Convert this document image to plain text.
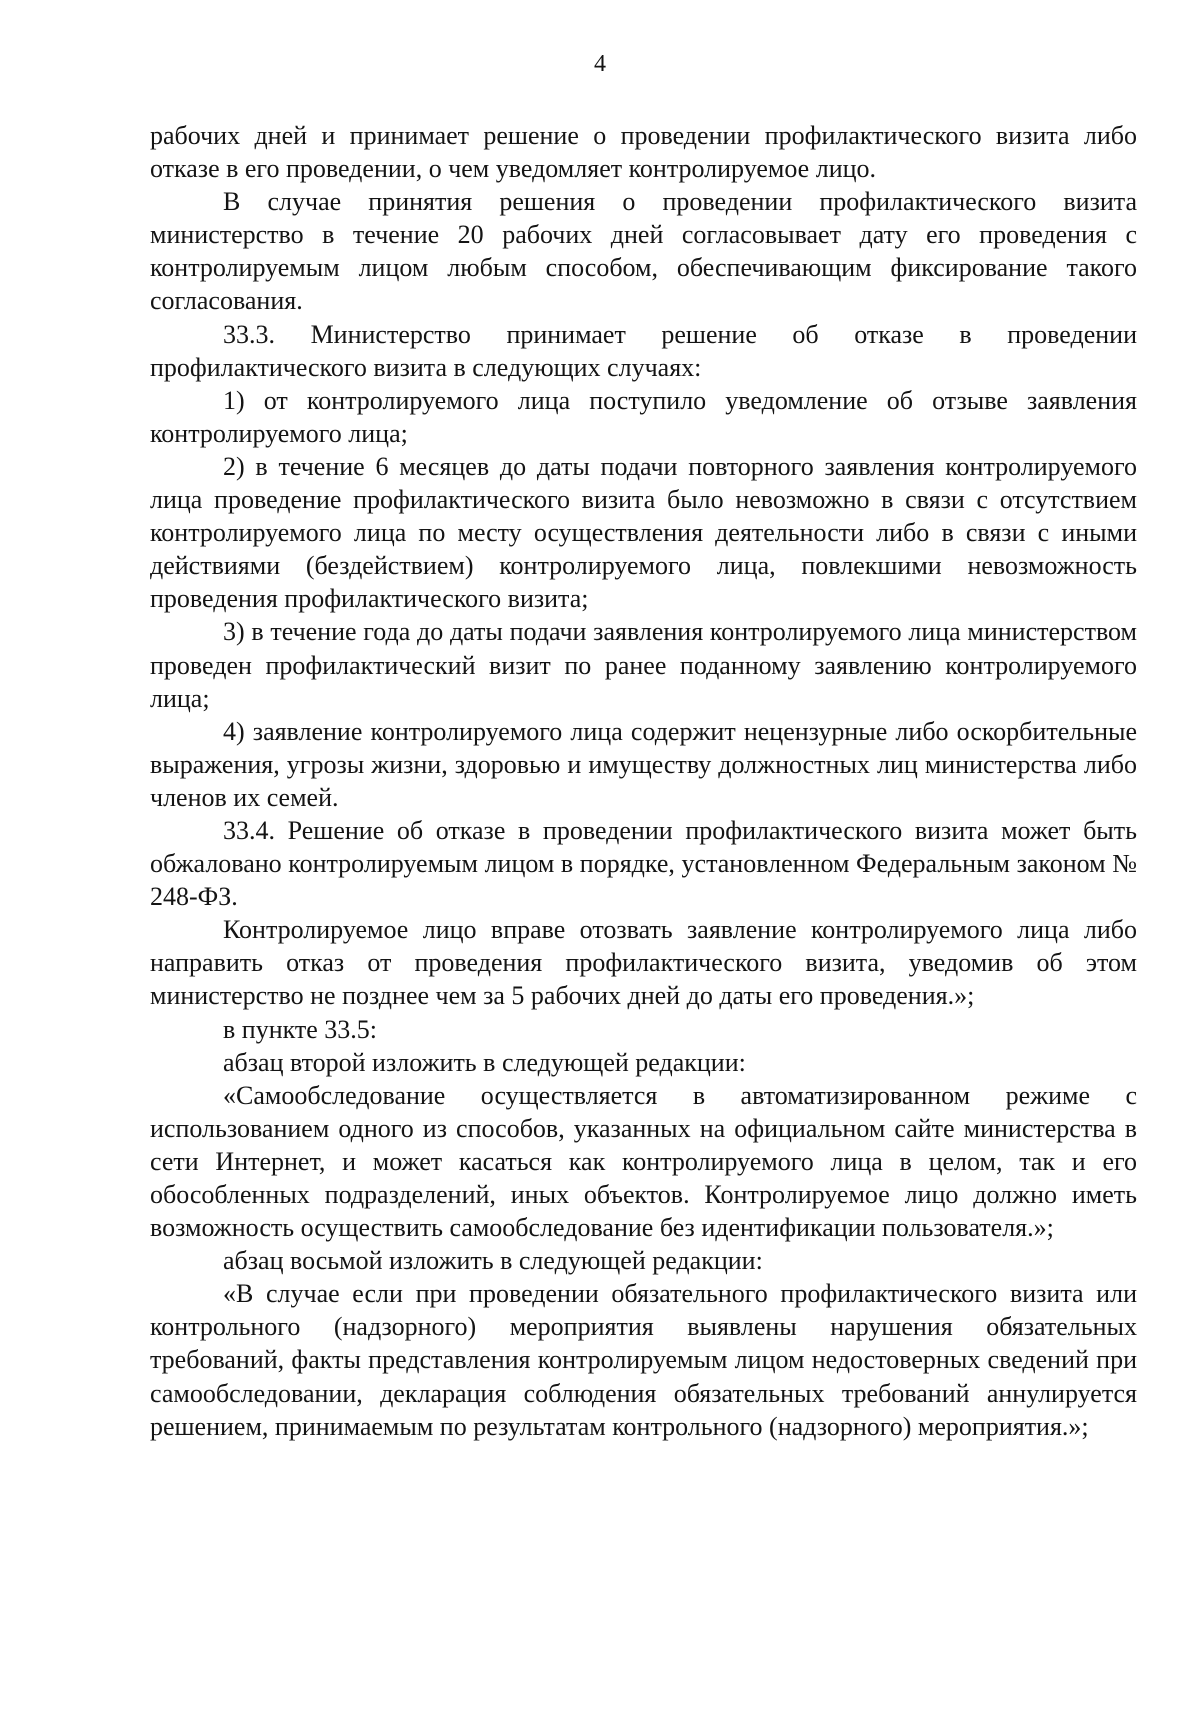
4

рабочих дней и принимает решение о проведении профилактического визита либо отказе в его проведении, о чем уведомляет контролируемое лицо.

В случае принятия решения о проведении профилактического визита министерство в течение 20 рабочих дней согласовывает дату его проведения с контролируемым лицом любым способом, обеспечивающим фиксирование такого согласования.

33.3. Министерство принимает решение об отказе в проведении профилактического визита в следующих случаях:

1) от контролируемого лица поступило уведомление об отзыве заявления контролируемого лица;

2) в течение 6 месяцев до даты подачи повторного заявления контролируемого лица проведение профилактического визита было невозможно в связи с отсутствием контролируемого лица по месту осуществления деятельности либо в связи с иными действиями (бездействием) контролируемого лица, повлекшими невозможность проведения профилактического визита;

3) в течение года до даты подачи заявления контролируемого лица министерством проведен профилактический визит по ранее поданному заявлению контролируемого лица;

4) заявление контролируемого лица содержит нецензурные либо оскорбительные выражения, угрозы жизни, здоровью и имуществу должностных лиц министерства либо членов их семей.

33.4. Решение об отказе в проведении профилактического визита может быть обжаловано контролируемым лицом в порядке, установленном Федеральным законом № 248-ФЗ.

Контролируемое лицо вправе отозвать заявление контролируемого лица либо направить отказ от проведения профилактического визита, уведомив об этом министерство не позднее чем за 5 рабочих дней до даты его проведения.»;

в пункте 33.5:

абзац второй изложить в следующей редакции:

«Самообследование осуществляется в автоматизированном режиме с использованием одного из способов, указанных на официальном сайте министерства в сети Интернет, и может касаться как контролируемого лица в целом, так и его обособленных подразделений, иных объектов. Контролируемое лицо должно иметь возможность осуществить самообследование без идентификации пользователя.»;

абзац восьмой изложить в следующей редакции:

«В случае если при проведении обязательного профилактического визита или контрольного (надзорного) мероприятия выявлены нарушения обязательных требований, факты представления контролируемым лицом недостоверных сведений при самообследовании, декларация соблюдения обязательных требований аннулируется решением, принимаемым по результатам контрольного (надзорного) мероприятия.»;
